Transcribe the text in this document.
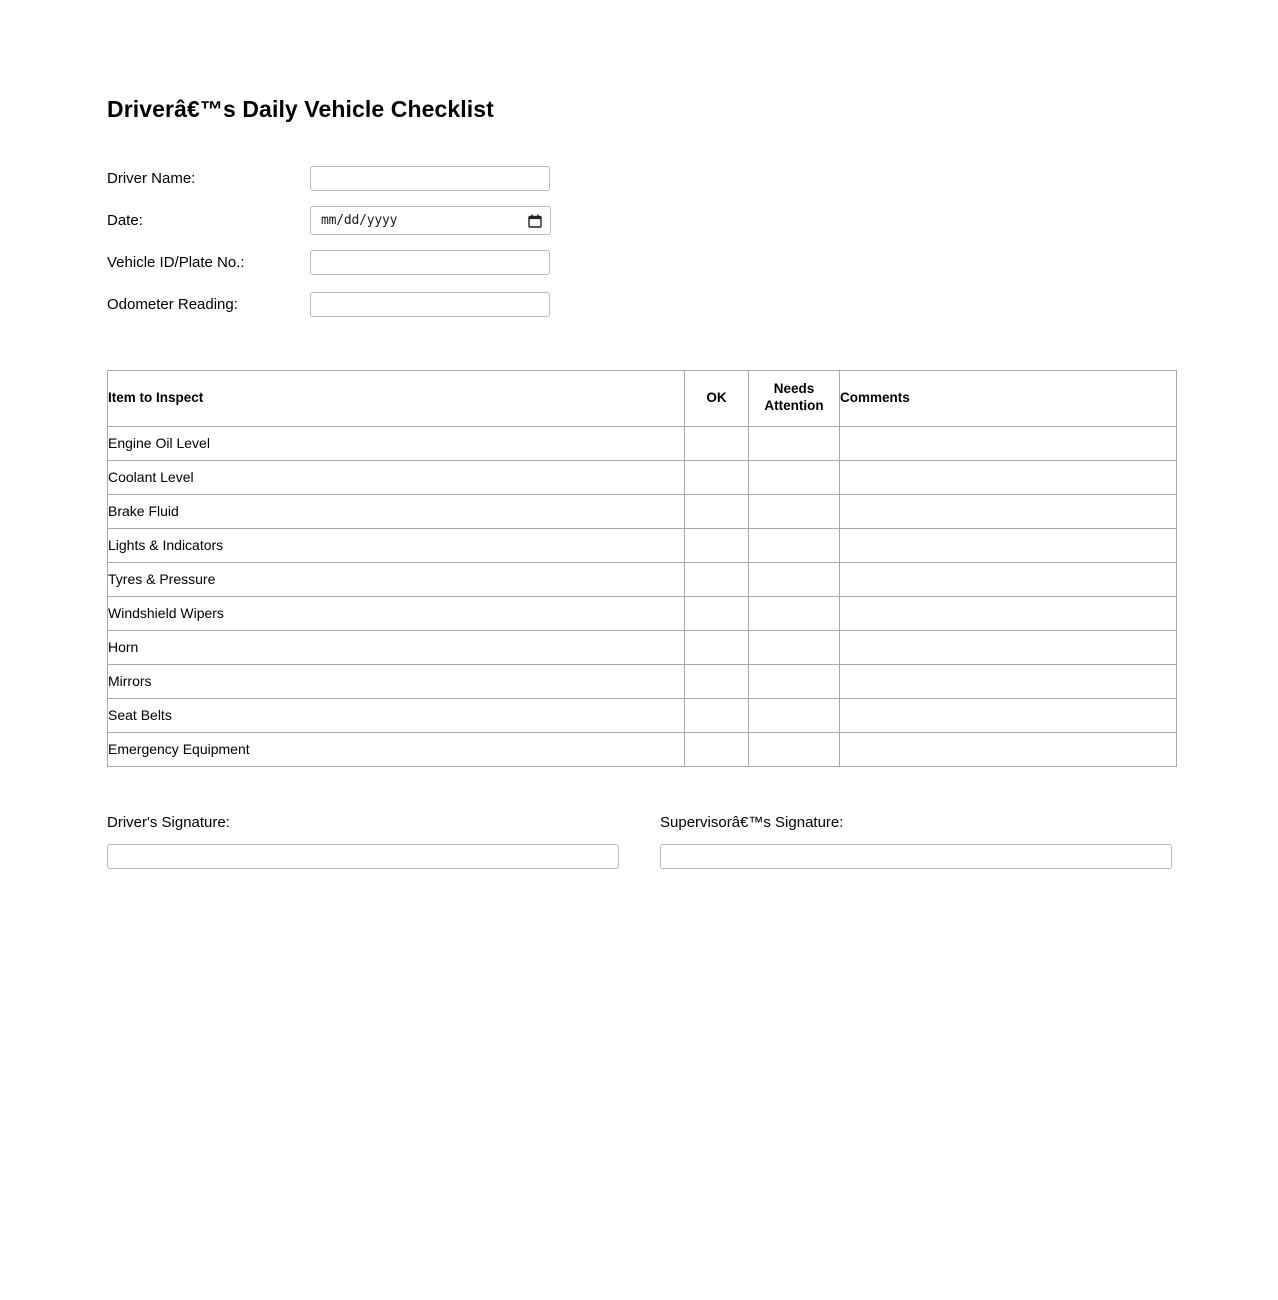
Driverâ€™s Daily Vehicle Checklist
Driver Name:
Date:	mm/dd/yyyy
Vehicle ID/Plate No.:
Odometer Reading:
Item to Inspect	OK	Needs Attention	Comments
Engine Oil Level			
Coolant Level			
Brake Fluid			
Lights & Indicators			
Tyres & Pressure			
Windshield Wipers			
Horn			
Mirrors			
Seat Belts			
Emergency Equipment			
Driver's Signature:	Supervisorâ€™s Signature:
